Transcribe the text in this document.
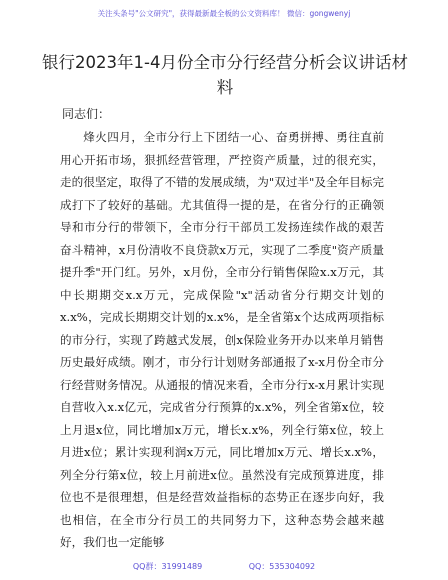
关注头条号"公文研究"，获得最新最全板的公文资料库！ 微信：gongwenyj
银行2023年1-4月份全市分行经营分析会议讲话材料
同志们：
烽火四月，全市分行上下团结一心、奋勇拼搏、勇往直前用心开拓市场，狠抓经营管理，严控资产质量，过的很充实，走的很坚定，取得了不错的发展成绩，为"双过半"及全年目标完成打下了较好的基础。尤其值得一提的是，在省分行的正确领导和市分行的带领下，全市分行干部员工发扬连续作战的艰苦奋斗精神，x月份清收不良贷款x万元，实现了二季度"资产质量提升季"开门红。另外，x月份，全市分行销售保险x.x万元，其中长期期交x.x万元，完成保险"x"活动省分行期交计划的x.x%，完成长期期交计划的x.x%，是全省第x个达成两项指标的市分行，实现了跨越式发展，创x保险业务开办以来单月销售历史最好成绩。刚才，市分行计划财务部通报了x-x月份全市分行经营财务情况。从通报的情况来看，全市分行x-x月累计实现自营收入x.x亿元，完成省分行预算的x.x%，列全省第x位，较上月退x位，同比增加x万元，增长x.x%，列全行第x位，较上月进x位；累计实现利润x万元，同比增加x万元、增长x.x%，列全分行第x位，较上月前进x位。虽然没有完成预算进度，排位也不是很理想，但是经营效益指标的态势正在逐步向好，我也相信，在全市分行员工的共同努力下，这种态势会越来越好，我们也一定能够
QQ群：31991489	QQ：535304092
